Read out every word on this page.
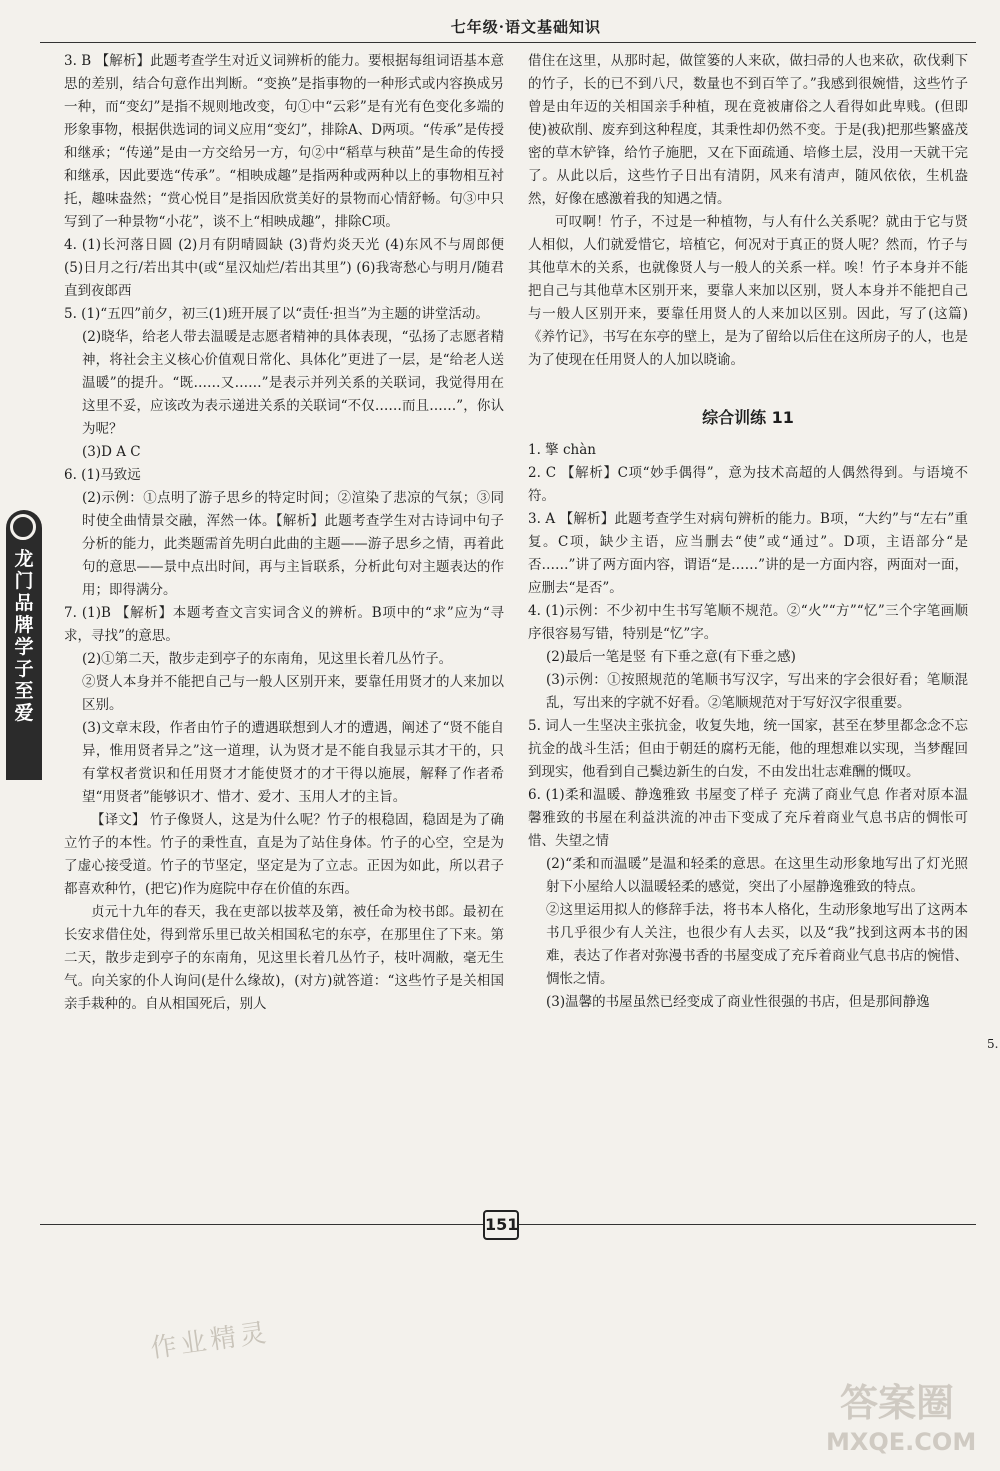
七年级·语文基础知识
龙门品牌 学子至爱

3. B 【解析】此题考查学生对近义词辨析的能力。要根据每组词语基本意思的差别，结合句意作出判断。“变换”是指事物的一种形式或内容换成另一种，而“变幻”是指不规则地改变，句①中“云彩”是有光有色变化多端的形象事物，根据供选词的词义应用“变幻”，排除A、D两项。“传承”是传授和继承；“传递”是由一方交给另一方，句②中“稻草与秧苗”是生命的传授和继承，因此要选“传承”。“相映成趣”是指两种或两种以上的事物相互衬托，趣味盎然；“赏心悦目”是指因欣赏美好的景物而心情舒畅。句③中只写到了一种景物“小花”，谈不上“相映成趣”，排除C项。

4. (1)长河落日圆 (2)月有阴晴圆缺 (3)背灼炎天光 (4)东风不与周郎便 (5)日月之行/若出其中(或“星汉灿烂/若出其里”) (6)我寄愁心与明月/随君直到夜郎西

5. (1)“五四”前夕，初三(1)班开展了以“责任·担当”为主题的讲堂活动。

(2)晓华，给老人带去温暖是志愿者精神的具体表现，“弘扬了志愿者精神，将社会主义核心价值观日常化、具体化”更进了一层，是“给老人送温暖”的提升。“既……又……”是表示并列关系的关联词，我觉得用在这里不妥，应该改为表示递进关系的关联词“不仅……而且……”，你认为呢？

(3)D A C

6. (1)马致远

(2)示例：①点明了游子思乡的特定时间；②渲染了悲凉的气氛；③同时使全曲情景交融，浑然一体。【解析】此题考查学生对古诗词中句子分析的能力，此类题需首先明白此曲的主题——游子思乡之情，再着此句的意思——景中点出时间，再与主旨联系，分析此句对主题表达的作用；即得满分。

7. (1)B 【解析】本题考查文言实词含义的辨析。B项中的“求”应为“寻求，寻找”的意思。

(2)①第二天，散步走到亭子的东南角，见这里长着几丛竹子。

②贤人本身并不能把自己与一般人区别开来，要靠任用贤才的人来加以区别。

(3)文章末段，作者由竹子的遭遇联想到人才的遭遇，阐述了“贤不能自异，惟用贤者异之”这一道理，认为贤才是不能自我显示其才干的，只有掌权者赏识和任用贤才才能使贤才的才干得以施展，解释了作者希望“用贤者”能够识才、惜才、爱才、玉用人才的主旨。

【译文】 竹子像贤人，这是为什么呢？竹子的根稳固，稳固是为了确立竹子的本性。竹子的秉性直，直是为了站住身体。竹子的心空，空是为了虚心接受道。竹子的节坚定，坚定是为了立志。正因为如此，所以君子都喜欢种竹，(把它)作为庭院中存在价值的东西。

贞元十九年的春天，我在吏部以拔萃及第，被任命为校书郎。最初在长安求借住处，得到常乐里已故关相国私宅的东亭，在那里住了下来。第二天，散步走到亭子的东南角，见这里长着几丛竹子，枝叶凋敝，毫无生气。向关家的仆人询问(是什么缘故)，(对方)就答道：“这些竹子是关相国亲手栽种的。自从相国死后，别人

借住在这里，从那时起，做筐篓的人来砍，做扫帚的人也来砍，砍伐剩下的竹子，长的已不到八尺，数量也不到百竿了。”我感到很婉惜，这些竹子曾是由年迈的关相国亲手种植，现在竟被庸俗之人看得如此卑贱。(但即使)被砍削、废弃到这种程度，其秉性却仍然不变。于是(我)把那些繁盛茂密的草木铲锋，给竹子施肥，又在下面疏通、培修土层，没用一天就干完了。从此以后，这些竹子日出有清阴，风来有清声，随风依依，生机盎然，好像在感激着我的知遇之情。

可叹啊！竹子，不过是一种植物，与人有什么关系呢？就由于它与贤人相似，人们就爱惜它，培植它，何况对于真正的贤人呢？然而，竹子与其他草木的关系，也就像贤人与一般人的关系一样。唉！竹子本身并不能把自己与其他草木区别开来，要靠人来加以区别，贤人本身并不能把自己与一般人区别开来，要靠任用贤人的人来加以区别。因此，写了(这篇)《养竹记》，书写在东亭的壁上，是为了留给以后住在这所房子的人，也是为了使现在任用贤人的人加以晓谕。

综合训练 11

1. 擎 chàn

2. C 【解析】C项“妙手偶得”，意为技术高超的人偶然得到。与语境不符。

3. A 【解析】此题考查学生对病句辨析的能力。B项，“大约”与“左右”重复。C项，缺少主语，应当删去“使”或“通过”。D项，主语部分“是否……”讲了两方面内容，谓语“是……”讲的是一方面内容，两面对一面，应删去“是否”。

4. (1)示例：不少初中生书写笔顺不规范。②“火”“方”“忆”三个字笔画顺序很容易写错，特别是“忆”字。

(2)最后一笔是竖 有下垂之意(有下垂之感)

(3)示例：①按照规范的笔顺书写汉字，写出来的字会很好看；笔顺混乱，写出来的字就不好看。②笔顺规范对于写好汉字很重要。

5. 词人一生坚决主张抗金，收复失地，统一国家，甚至在梦里都念念不忘抗金的战斗生活；但由于朝廷的腐朽无能，他的理想难以实现，当梦醒回到现实，他看到自己鬓边新生的白发，不由发出壮志难酬的慨叹。

6. (1)柔和温暖、静逸雅致 书屋变了样子 充满了商业气息 作者对原本温馨雅致的书屋在利益洪流的冲击下变成了充斥着商业气息书店的惆怅可惜、失望之情

(2)“柔和而温暖”是温和轻柔的意思。在这里生动形象地写出了灯光照射下小屋给人以温暖轻柔的感觉，突出了小屋静逸雅致的特点。

②这里运用拟人的修辞手法，将书本人格化，生动形象地写出了这两本书几乎很少有人关注，也很少有人去买，以及“我”找到这两本书的困难，表达了作者对弥漫书香的书屋变成了充斥着商业气息书店的惋惜、惆怅之情。

(3)温馨的书屋虽然已经变成了商业性很强的书店，但是那间静逸

151
5.
作业精灵
答案圈
MXQE.COM
